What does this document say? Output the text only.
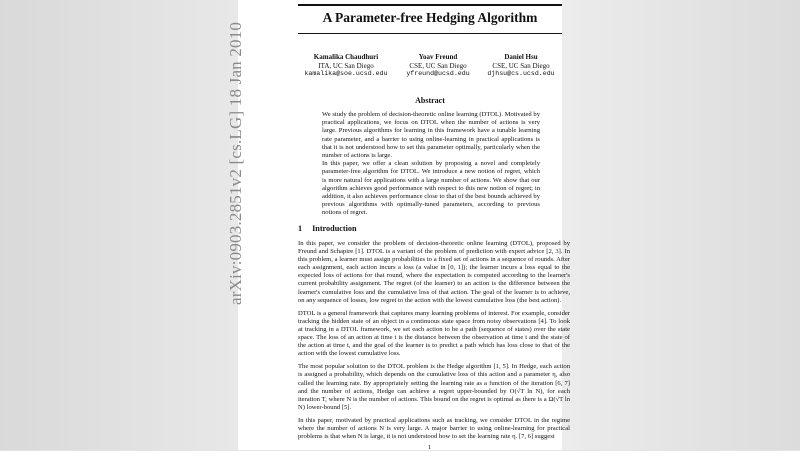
arXiv:0903.2851v2 [cs.LG] 18 Jan 2010
A Parameter-free Hedging Algorithm
Kamalika Chaudhuri
ITA, UC San Diego
kamalika@soe.ucsd.edu
Yoav Freund
CSE, UC San Diego
yfreund@ucsd.edu
Daniel Hsu
CSE, UC San Diego
djhsu@cs.ucsd.edu
Abstract

We study the problem of decision-theoretic online learning (DTOL). Motivated by practical applications, we focus on DTOL when the number of actions is very large. Previous algorithms for learning in this framework have a tunable learning rate parameter, and a barrier to using online-learning in practical applications is that it is not understood how to set this parameter optimally, particularly when the number of actions is large.

In this paper, we offer a clean solution by proposing a novel and completely parameter-free algorithm for DTOL. We introduce a new notion of regret, which is more natural for applications with a large number of actions. We show that our algorithm achieves good performance with respect to this new notion of regret; in addition, it also achieves performance close to that of the best bounds achieved by previous algorithms with optimally-tuned parameters, according to previous notions of regret.

1 Introduction

In this paper, we consider the problem of decision-theoretic online learning (DTOL), proposed by Freund and Schapire [1]. DTOL is a variant of the problem of prediction with expert advice [2, 3]. In this problem, a learner must assign probabilities to a fixed set of actions in a sequence of rounds. After each assignment, each action incurs a loss (a value in [0, 1]); the learner incurs a loss equal to the expected loss of actions for that round, where the expectation is computed according to the learner's current probability assignment. The regret (of the learner) to an action is the difference between the learner's cumulative loss and the cumulative loss of that action. The goal of the learner is to achieve, on any sequence of losses, low regret to the action with the lowest cumulative loss (the best action).

DTOL is a general framework that captures many learning problems of interest. For example, consider tracking the hidden state of an object in a continuous state space from noisy observations [4]. To look at tracking in a DTOL framework, we set each action to be a path (sequence of states) over the state space. The loss of an action at time t is the distance between the observation at time t and the state of the action at time t, and the goal of the learner is to predict a path which has loss close to that of the action with the lowest cumulative loss.

The most popular solution to the DTOL problem is the Hedge algorithm [1, 5]. In Hedge, each action is assigned a probability, which depends on the cumulative loss of this action and a parameter η, also called the learning rate. By appropriately setting the learning rate as a function of the iteration [6, 7] and the number of actions, Hedge can achieve a regret upper-bounded by O(√T ln N), for each iteration T, where N is the number of actions. This bound on the regret is optimal as there is a Ω(√T ln N) lower-bound [5].

In this paper, motivated by practical applications such as tracking, we consider DTOL in the regime where the number of actions N is very large. A major barrier to using online-learning for practical problems is that when N is large, it is not understood how to set the learning rate η. [7, 6] suggest

1
